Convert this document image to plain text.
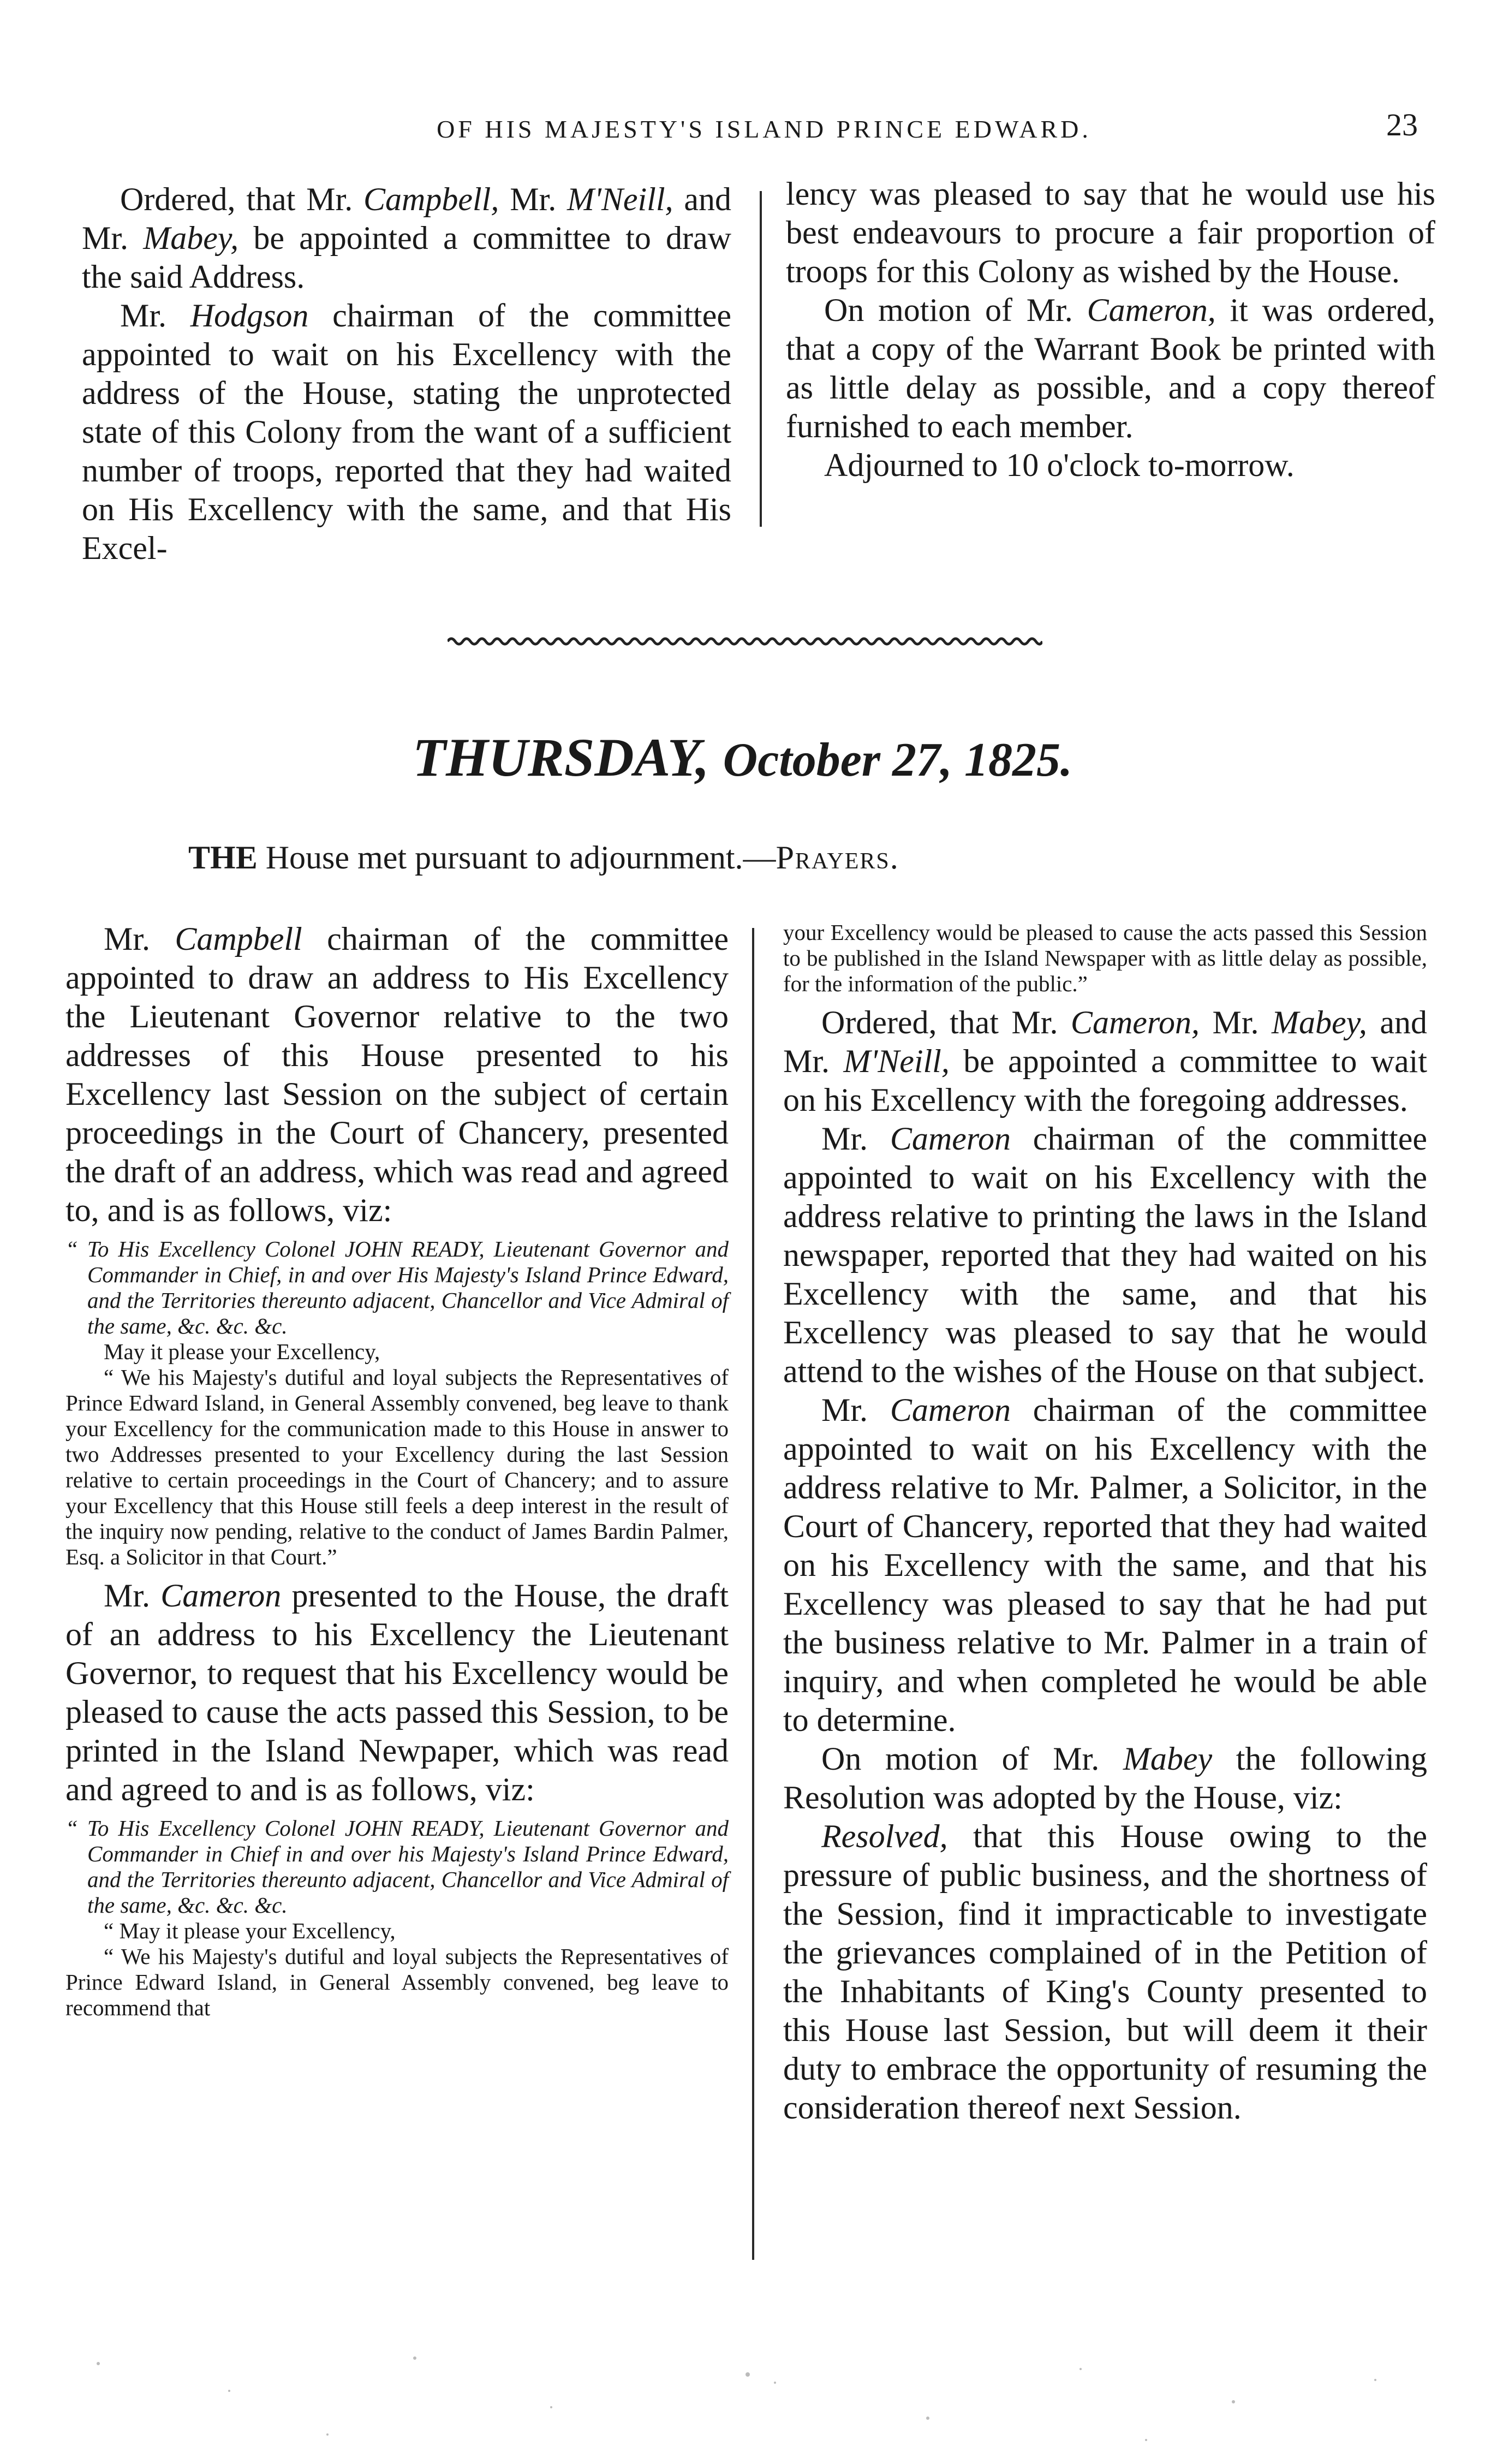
OF HIS MAJESTY'S ISLAND PRINCE EDWARD.	23

Ordered, that Mr. Campbell, Mr. M'Neill, and Mr. Mabey, be appointed a committee to draw the said Address.

Mr. Hodgson chairman of the committee appointed to wait on his Excellency with the address of the House, stating the unprotected state of this Colony from the want of a sufficient number of troops, reported that they had waited on His Excellency with the same, and that His Excel-

lency was pleased to say that he would use his best endeavours to procure a fair proportion of troops for this Colony as wished by the House.

On motion of Mr. Cameron, it was ordered, that a copy of the Warrant Book be printed with as little delay as possible, and a copy thereof furnished to each member.

Adjourned to 10 o'clock to-morrow.

THURSDAY, October 27, 1825.
THE House met pursuant to adjournment.—Prayers.

Mr. Campbell chairman of the committee appointed to draw an address to His Excellency the Lieutenant Governor relative to the two addresses of this House presented to his Excellency last Session on the subject of certain proceedings in the Court of Chancery, presented the draft of an address, which was read and agreed to, and is as follows, viz:

“ To His Excellency Colonel JOHN READY, Lieutenant Governor and Commander in Chief, in and over His Majesty's Island Prince Edward, and the Territories thereunto adjacent, Chancellor and Vice Admiral of the same, &c. &c. &c.

May it please your Excellency,

“ We his Majesty's dutiful and loyal subjects the Representatives of Prince Edward Island, in General Assembly convened, beg leave to thank your Excellency for the communication made to this House in answer to two Addresses presented to your Excellency during the last Session relative to certain proceedings in the Court of Chancery; and to assure your Excellency that this House still feels a deep interest in the result of the inquiry now pending, relative to the conduct of James Bardin Palmer, Esq. a Solicitor in that Court.”

Mr. Cameron presented to the House, the draft of an address to his Excellency the Lieutenant Governor, to request that his Excellency would be pleased to cause the acts passed this Session, to be printed in the Island Newpaper, which was read and agreed to and is as follows, viz:

“ To His Excellency Colonel JOHN READY, Lieutenant Governor and Commander in Chief in and over his Majesty's Island Prince Edward, and the Territories thereunto adjacent, Chancellor and Vice Admiral of the same, &c. &c. &c.

“ May it please your Excellency,

“ We his Majesty's dutiful and loyal subjects the Representatives of Prince Edward Island, in General Assembly convened, beg leave to recommend that

your Excellency would be pleased to cause the acts passed this Session to be published in the Island Newspaper with as little delay as possible, for the information of the public.”

Ordered, that Mr. Cameron, Mr. Mabey, and Mr. M'Neill, be appointed a committee to wait on his Excellency with the foregoing addresses.

Mr. Cameron chairman of the committee appointed to wait on his Excellency with the address relative to printing the laws in the Island newspaper, reported that they had waited on his Excellency with the same, and that his Excellency was pleased to say that he would attend to the wishes of the House on that subject.

Mr. Cameron chairman of the committee appointed to wait on his Excellency with the address relative to Mr. Palmer, a Solicitor, in the Court of Chancery, reported that they had waited on his Excellency with the same, and that his Excellency was pleased to say that he had put the business relative to Mr. Palmer in a train of inquiry, and when completed he would be able to determine.

On motion of Mr. Mabey the following Resolution was adopted by the House, viz:

Resolved, that this House owing to the pressure of public business, and the shortness of the Session, find it impracticable to investigate the grievances complained of in the Petition of the Inhabitants of King's County presented to this House last Session, but will deem it their duty to embrace the opportunity of resuming the consideration thereof next Session.
